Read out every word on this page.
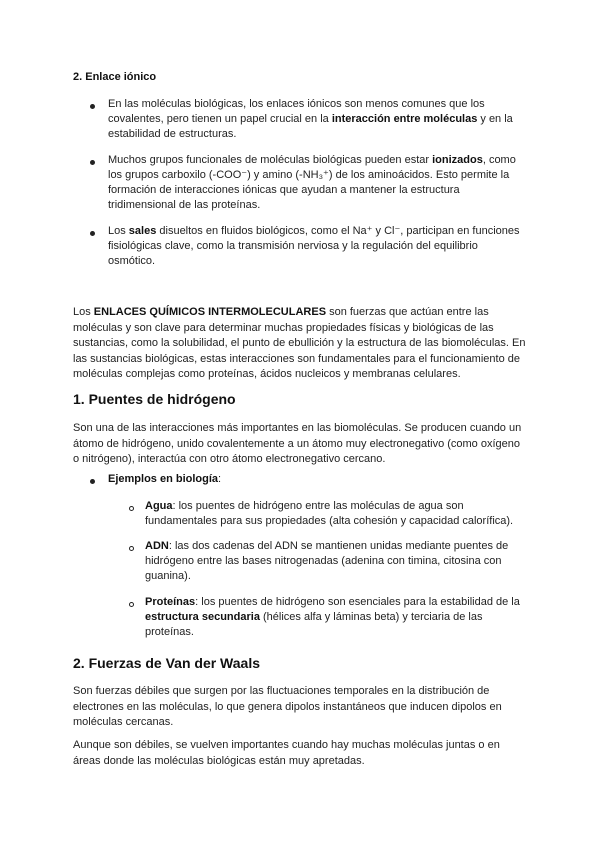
2. Enlace iónico
En las moléculas biológicas, los enlaces iónicos son menos comunes que los covalentes, pero tienen un papel crucial en la interacción entre moléculas y en la estabilidad de estructuras.
Muchos grupos funcionales de moléculas biológicas pueden estar ionizados, como los grupos carboxilo (-COO⁻) y amino (-NH₃⁺) de los aminoácidos. Esto permite la formación de interacciones iónicas que ayudan a mantener la estructura tridimensional de las proteínas.
Los sales disueltos en fluidos biológicos, como el Na⁺ y Cl⁻, participan en funciones fisiológicas clave, como la transmisión nerviosa y la regulación del equilibrio osmótico.
Los ENLACES QUÍMICOS INTERMOLECULARES son fuerzas que actúan entre las moléculas y son clave para determinar muchas propiedades físicas y biológicas de las sustancias, como la solubilidad, el punto de ebullición y la estructura de las biomoléculas. En las sustancias biológicas, estas interacciones son fundamentales para el funcionamiento de moléculas complejas como proteínas, ácidos nucleicos y membranas celulares.
1. Puentes de hidrógeno
Son una de las interacciones más importantes en las biomoléculas. Se producen cuando un átomo de hidrógeno, unido covalentemente a un átomo muy electronegativo (como oxígeno o nitrógeno), interactúa con otro átomo electronegativo cercano.
Ejemplos en biología:
Agua: los puentes de hidrógeno entre las moléculas de agua son fundamentales para sus propiedades (alta cohesión y capacidad calorífica).
ADN: las dos cadenas del ADN se mantienen unidas mediante puentes de hidrógeno entre las bases nitrogenadas (adenina con timina, citosina con guanina).
Proteínas: los puentes de hidrógeno son esenciales para la estabilidad de la estructura secundaria (hélices alfa y láminas beta) y terciaria de las proteínas.
2. Fuerzas de Van der Waals
Son fuerzas débiles que surgen por las fluctuaciones temporales en la distribución de electrones en las moléculas, lo que genera dipolos instantáneos que inducen dipolos en moléculas cercanas.
Aunque son débiles, se vuelven importantes cuando hay muchas moléculas juntas o en áreas donde las moléculas biológicas están muy apretadas.
